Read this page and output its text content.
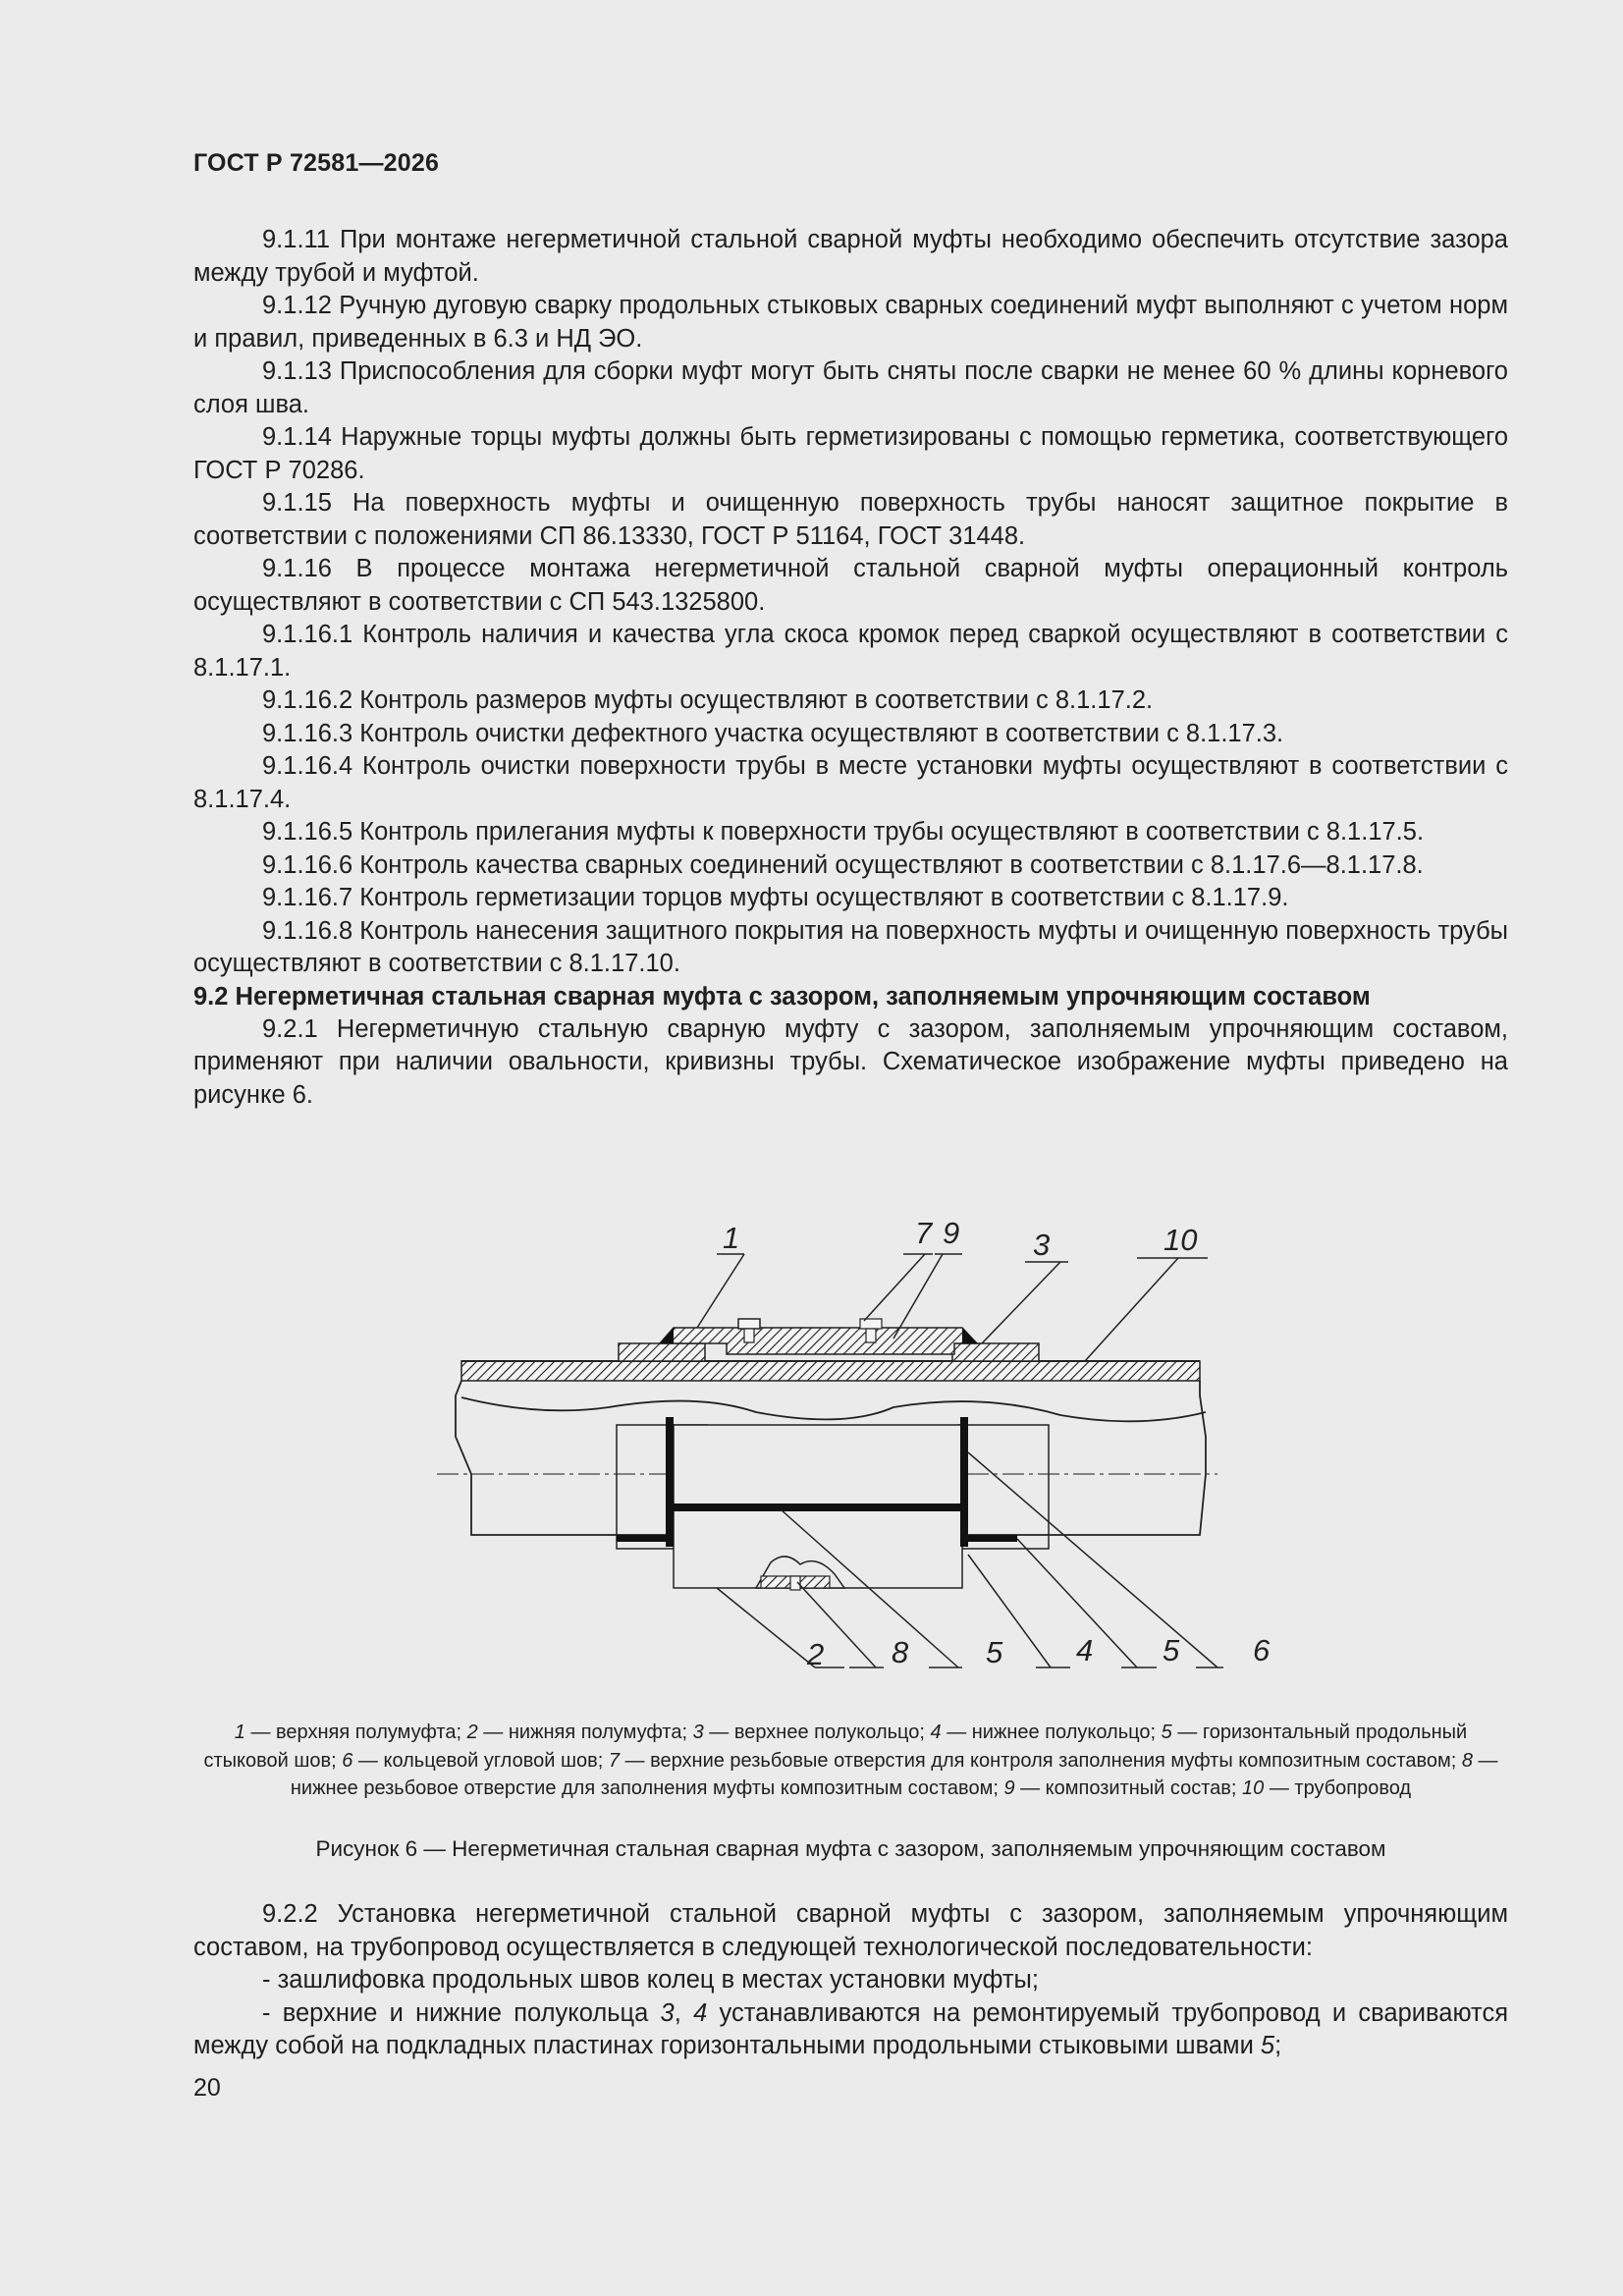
ГОСТ Р 72581—2026

9.1.11 При монтаже негерметичной стальной сварной муфты необходимо обеспечить отсутствие зазора между трубой и муфтой.

9.1.12 Ручную дуговую сварку продольных стыковых сварных соединений муфт выполняют с учетом норм и правил, приведенных в 6.3 и НД ЭО.

9.1.13 Приспособления для сборки муфт могут быть сняты после сварки не менее 60 % длины корневого слоя шва.

9.1.14 Наружные торцы муфты должны быть герметизированы с помощью герметика, соответствующего ГОСТ Р 70286.

9.1.15 На поверхность муфты и очищенную поверхность трубы наносят защитное покрытие в соответствии с положениями СП 86.13330, ГОСТ Р 51164, ГОСТ 31448.

9.1.16 В процессе монтажа негерметичной стальной сварной муфты операционный контроль осуществляют в соответствии с СП 543.1325800.

9.1.16.1 Контроль наличия и качества угла скоса кромок перед сваркой осуществляют в соответствии с 8.1.17.1.

9.1.16.2 Контроль размеров муфты осуществляют в соответствии с 8.1.17.2.

9.1.16.3 Контроль очистки дефектного участка осуществляют в соответствии с 8.1.17.3.

9.1.16.4 Контроль очистки поверхности трубы в месте установки муфты осуществляют в соответствии с 8.1.17.4.

9.1.16.5 Контроль прилегания муфты к поверхности трубы осуществляют в соответствии с 8.1.17.5.

9.1.16.6 Контроль качества сварных соединений осуществляют в соответствии с 8.1.17.6—8.1.17.8.

9.1.16.7 Контроль герметизации торцов муфты осуществляют в соответствии с 8.1.17.9.

9.1.16.8 Контроль нанесения защитного покрытия на поверхность муфты и очищенную поверхность трубы осуществляют в соответствии с 8.1.17.10.

9.2 Негерметичная стальная сварная муфта с зазором, заполняемым упрочняющим составом

9.2.1 Негерметичную стальную сварную муфту с зазором, заполняемым упрочняющим составом, применяют при наличии овальности, кривизны трубы. Схематическое изображение муфты приведено на рисунке 6.

1	7 9 3	10
2 8	5 4 5 6
1 — верхняя полумуфта; 2 — нижняя полумуфта; 3 — верхнее полукольцо; 4 — нижнее полукольцо; 5 — горизонтальный продольный стыковой шов; 6 — кольцевой угловой шов; 7 — верхние резьбовые отверстия для контроля заполнения муфты композитным составом; 8 — нижнее резьбовое отверстие для заполнения муфты композитным составом; 9 — композитный состав; 10 — трубопровод
Рисунок 6 — Негерметичная стальная сварная муфта с зазором, заполняемым упрочняющим составом

9.2.2 Установка негерметичной стальной сварной муфты с зазором, заполняемым упрочняющим составом, на трубопровод осуществляется в следующей технологической последовательности:

- зашлифовка продольных швов колец в местах установки муфты;

- верхние и нижние полукольца 3, 4 устанавливаются на ремонтируемый трубопровод и свариваются между собой на подкладных пластинах горизонтальными продольными стыковыми швами 5;

20
